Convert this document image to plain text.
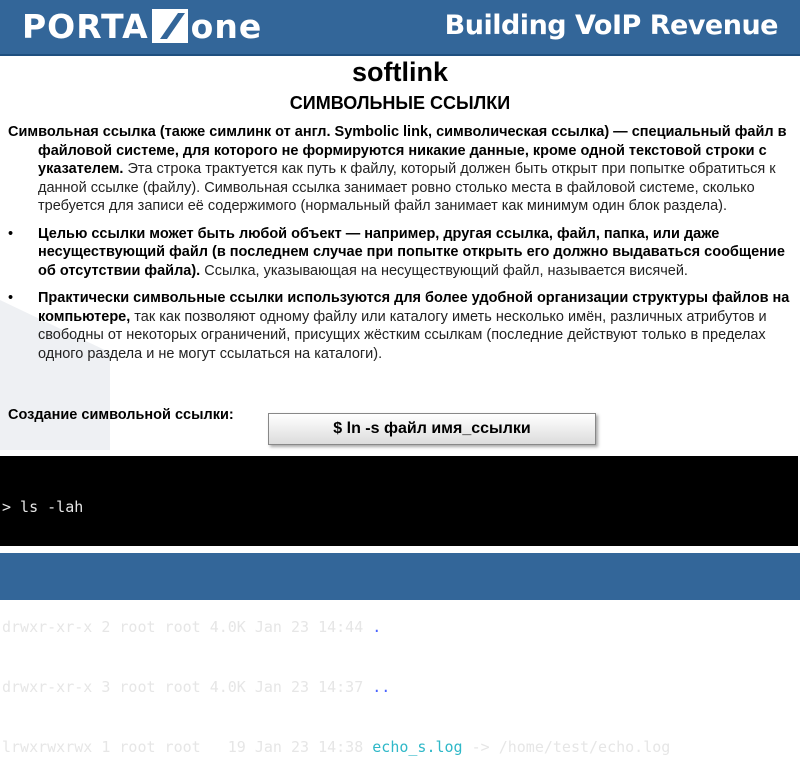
PORTA one	Building VoIP Revenue
softlink
СИМВОЛЬНЫЕ ССЫЛКИ
Символьная ссылка (также симлинк от англ. Symbolic link, символическая ссылка) — специальный файл в файловой системе, для которого не формируются никакие данные, кроме одной текстовой строки с указателем. Эта строка трактуется как путь к файлу, который должен быть открыт при попытке обратиться к данной ссылке (файлу). Символьная ссылка занимает ровно столько места в файловой системе, сколько требуется для записи её содержимого (нормальный файл занимает как минимум один блок раздела).
• Целью ссылки может быть любой объект — например, другая ссылка, файл, папка, или даже несуществующий файл (в последнем случае при попытке открыть его должно выдаваться сообщение об отсутствии файла). Ссылка, указывающая на несуществующий файл, называется висячей.
• Практически символьные ссылки используются для более удобной организации структуры файлов на компьютере, так как позволяют одному файлу или каталогу иметь несколько имён, различных атрибутов и свободны от некоторых ограничений, присущих жёстким ссылкам (последние действуют только в пределах одного раздела и не могут ссылаться на каталоги).
Создание символьной ссылки:
$ ln -s файл имя_ссылки

> ls -lah

drwxr-xr-x 2 root root 4.0K Jan 23 14:44 .

drwxr-xr-x 3 root root 4.0K Jan 23 14:37 ..

lrwxrwxrwx 1 root root   19 Jan 23 14:38 echo_s.log -> /home/test/echo.log
